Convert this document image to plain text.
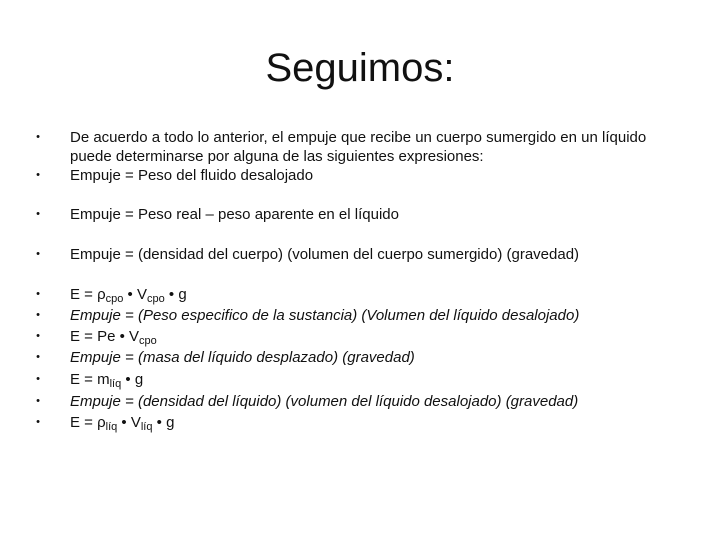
Seguimos:
•	De acuerdo a todo lo anterior, el empuje que recibe un cuerpo sumergido en un líquido puede determinarse por alguna de las siguientes expresiones:
•	Empuje = Peso del fluido desalojado
•	Empuje = Peso real – peso aparente en el líquido
•	Empuje = (densidad del cuerpo) (volumen del cuerpo sumergido) (gravedad)
•	$E = \rho_{cpo}$ • $V_{cpo}$ • g
•	Empuje = (Peso especifico de la sustancia) (Volumen del líquido desalojado)
•	E = Pe • $V_{cpo}$
•	Empuje = (masa del líquido desplazado) (gravedad)
•	$E = m_{líq}$ • g
•	Empuje = (densidad del líquido) (volumen del líquido desalojado) (gravedad)
•	$E = \rho_{líq}$ • $V_{líq}$ • g
